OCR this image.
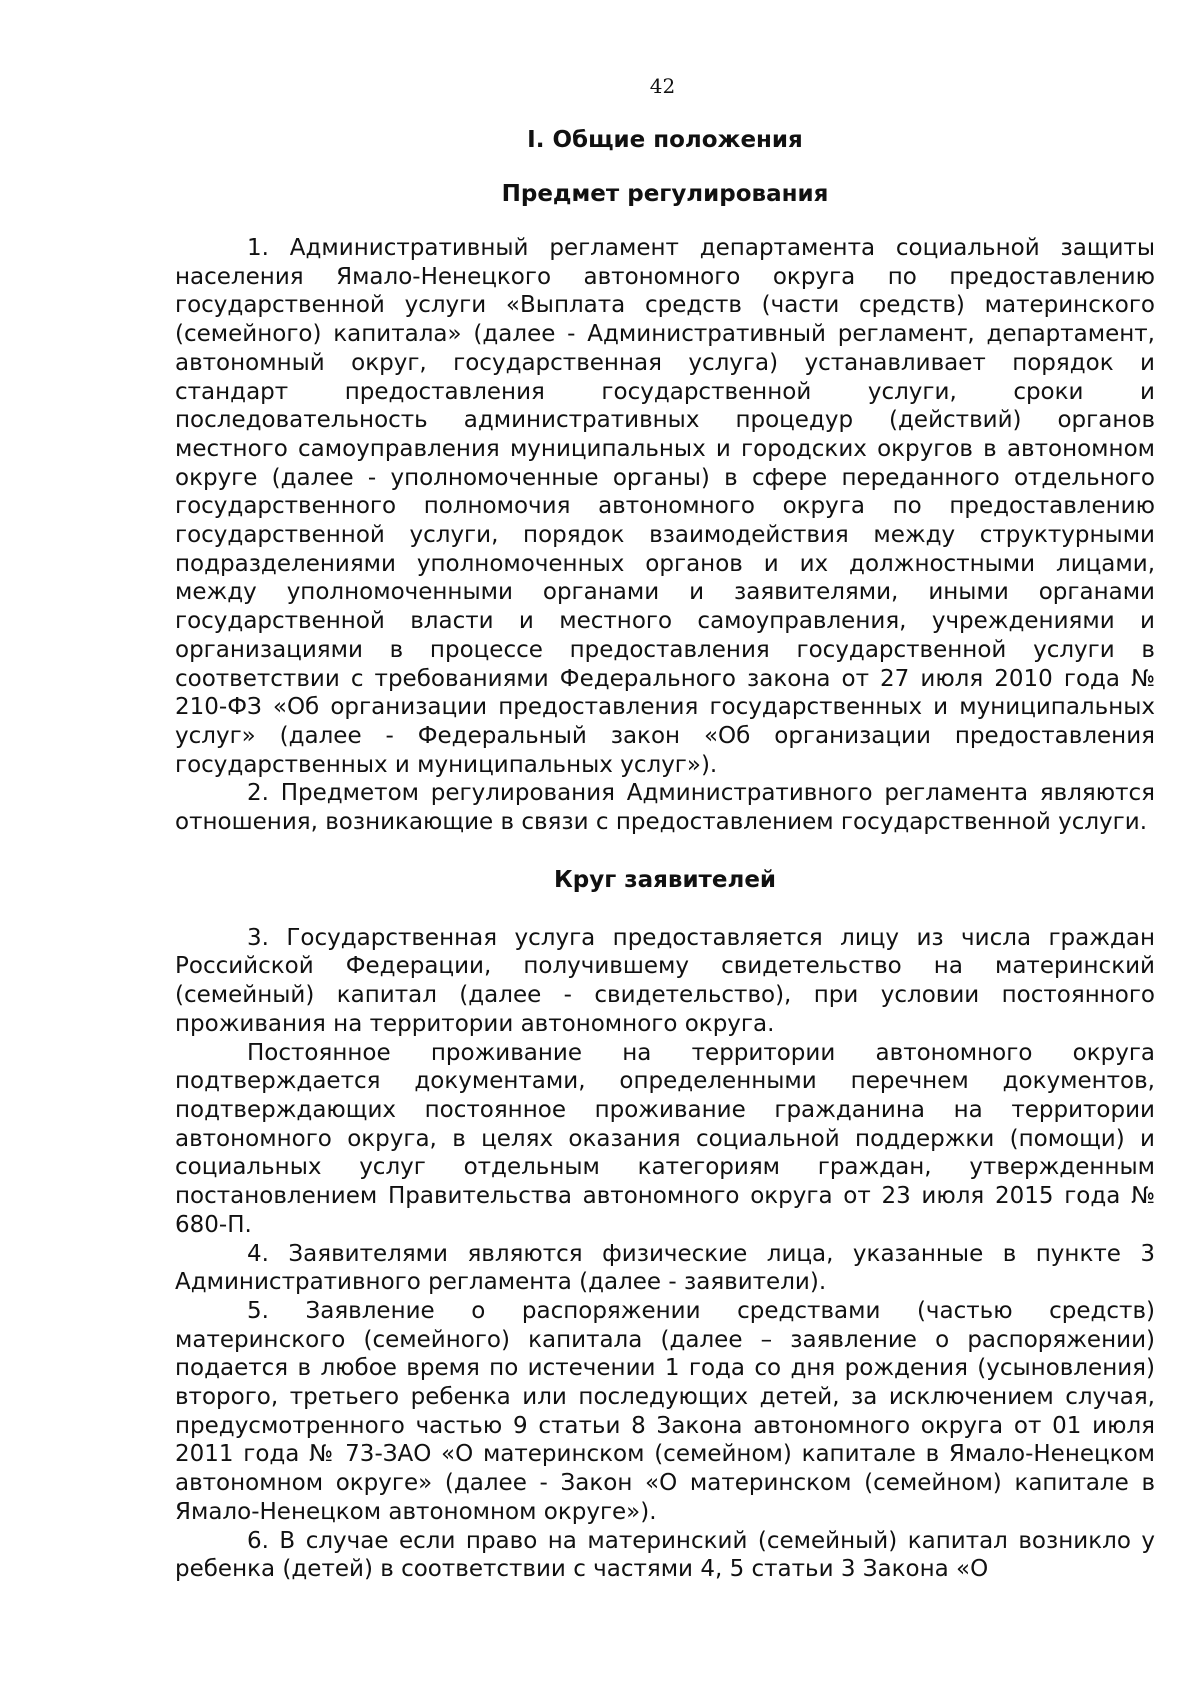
42
I. Общие положения
Предмет регулирования

1. Административный регламент департамента социальной защиты населения Ямало-Ненецкого автономного округа по предоставлению государственной услуги «Выплата средств (части средств) материнского (семейного) капитала» (далее - Административный регламент, департамент, автономный округ, государственная услуга) устанавливает порядок и стандарт предоставления государственной услуги, сроки и последовательность административных процедур (действий) органов местного самоуправления муниципальных и городских округов в автономном округе (далее - уполномоченные органы) в сфере переданного отдельного государственного полномочия автономного округа по предоставлению государственной услуги, порядок взаимодействия между структурными подразделениями уполномоченных органов и их должностными лицами, между уполномоченными органами и заявителями, иными органами государственной власти и местного самоуправления, учреждениями и организациями в процессе предоставления государственной услуги в соответствии с требованиями Федерального закона от 27 июля 2010 года № 210-ФЗ «Об организации предоставления государственных и муниципальных услуг» (далее - Федеральный закон «Об организации предоставления государственных и муниципальных услуг»).

2. Предметом регулирования Административного регламента являются отношения, возникающие в связи с предоставлением государственной услуги.

Круг заявителей

3. Государственная услуга предоставляется лицу из числа граждан Российской Федерации, получившему свидетельство на материнский (семейный) капитал (далее - свидетельство), при условии постоянного проживания на территории автономного округа.

Постоянное проживание на территории автономного округа подтверждается документами, определенными перечнем документов, подтверждающих постоянное проживание гражданина на территории автономного округа, в целях оказания социальной поддержки (помощи) и социальных услуг отдельным категориям граждан, утвержденным постановлением Правительства автономного округа от 23 июля 2015 года № 680-П.

4. Заявителями являются физические лица, указанные в пункте 3 Административного регламента (далее - заявители).

5. Заявление о распоряжении средствами (частью средств) материнского (семейного) капитала (далее – заявление о распоряжении) подается в любое время по истечении 1 года со дня рождения (усыновления) второго, третьего ребенка или последующих детей, за исключением случая, предусмотренного частью 9 статьи 8 Закона автономного округа от 01 июля 2011 года № 73-ЗАО «О материнском (семейном) капитале в Ямало-Ненецком автономном округе» (далее - Закон «О материнском (семейном) капитале в Ямало-Ненецком автономном округе»).

6. В случае если право на материнский (семейный) капитал возникло у ребенка (детей) в соответствии с частями 4, 5 статьи 3 Закона «О
